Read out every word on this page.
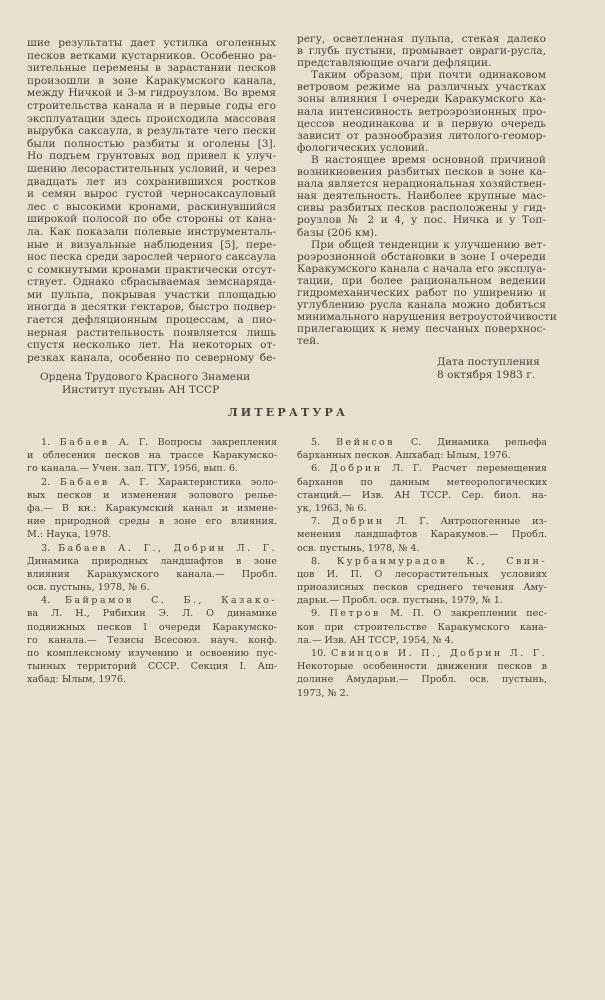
шие результаты дает устилка оголенных
песков ветками кустарников. Особенно ра-
зительные перемены в зарастании песков
произошли в зоне Каракумского канала,
между Ничкой и 3-м гидроузлом. Во время
строительства канала и в первые годы его
эксплуатации здесь происходила массовая
вырубка саксаула, в результате чего пески
были полностью разбиты и оголены [3].
Но подъем грунтовых вод привел к улуч-
шению лесорастительных условий, и через
двадцать лет из сохранившихся ростков
и семян вырос густой черносаксауловый
лес с высокими кронами, раскинувшийся
широкой полосой по обе стороны от кана-
ла. Как показали полевые инструменталь-
ные и визуальные наблюдения [5], пере-
нос песка среди зарослей черного саксаула
с сомкнутыми кронами практически отсут-
ствует. Однако сбрасываемая земснаряда-
ми пульпа, покрывая участки площадью
иногда в десятки гектаров, быстро подвер-
гается дефляционным процессам, а пио-
нерная растительность появляется лишь
спустя несколько лет. На некоторых от-
резках канала, особенно по северному бе-
регу, осветленная пульпа, стекая далеко
в глубь пустыни, промывает овраги-русла,
представляющие очаги дефляции.
Таким образом, при почти одинаковом
ветровом режиме на различных участках
зоны влияния I очереди Каракумского ка-
нала интенсивность ветроэрозионных про-
цессов неодинакова и в первую очередь
зависит от разнообразия литолого-геомор-
фологических условий.
В настоящее время основной причиной
возникновения разбитых песков в зоне ка-
нала является нерациональная хозяйствен-
ная деятельность. Наиболее крупные мас-
сивы разбитых песков расположены у гид-
роузлов № 2 и 4, у пос. Ничка и у Топ-
базы (206 км).
При общей тенденции к улучшению вет-
роэрозионной обстановки в зоне I очереди
Каракумского канала с начала его эксплуа-
тации, при более рациональном ведении
гидромеханических работ по уширению и
углублению русла канала можно добиться
минимального нарушения ветроустойчивости
прилегающих к нему песчаных поверхнос-
тей.
Ордена Трудового Красного Знамени
Институт пустынь АН ТССР
Дата поступления
8 октября 1983 г.
ЛИТЕРАТУРА
1. Бабаев А. Г. Вопросы закрепления
и облесения песков на трассе Каракумско-
го канала.— Учен. зап. ТГУ, 1956, вып. 6.
2. Бабаев А. Г. Характеристика эоло-
вых песков и изменения эолового релье-
фа.— В кн.: Каракумский канал и измене-
ние природной среды в зоне его влияния.
М.: Наука, 1978.
3. Бабаев А. Г., Добрин Л. Г.
Динамика природных ландшафтов в зоне
влияния Каракумского канала.— Пробл.
осв. пустынь, 1978, № 6.
4. Байрамов С. Б., Казако-
ва Л. Н., Рябихин Э. Л. О динамике
подвижных песков I очереди Каракумско-
го канала.— Тезисы Всесоюз. науч. конф.
по комплексному изучению и освоению пус-
тынных территорий СССР. Секция I. Аш-
хабад: Ылым, 1976.
5. Вейнсов С. Динамика рельефа
барханных песков. Ашхабад: Ылым, 1976.
6. Добрин Л. Г. Расчет перемещения
барханов по данным метеорологических
станций.— Изв. АН ТССР. Сер. биол. на-
ук, 1963, № 6.
7. Добрин Л. Г. Антропогенные из-
менения ландшафтов Каракумов.— Пробл.
осв. пустынь, 1978, № 4.
8. Курбанмурадов К., Свин-
цов И. П. О лесорастительных условиях
приоазисных песков среднего течения Аму-
дарьи.— Пробл. осв. пустынь, 1979, № 1.
9. Петров М. П. О закреплении пес-
ков при строительстве Каракумского кана-
ла.— Изв. АН ТССР, 1954, № 4.
10. Свинцов И. П., Добрин Л. Г.
Некоторые особенности движения песков в
долине Амударьи.— Пробл. осв. пустынь,
1973, № 2.
